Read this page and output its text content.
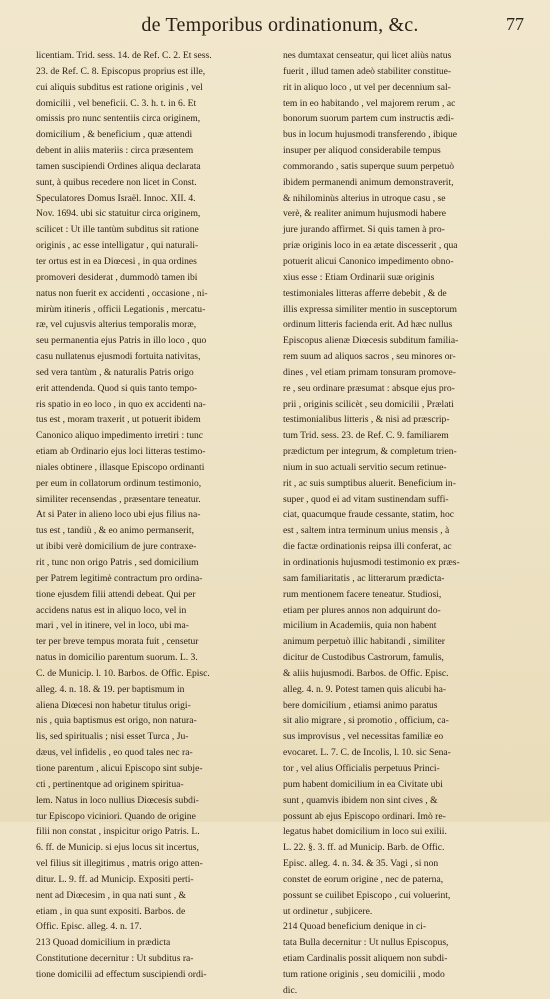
de Temporibus ordinationum, &c.	77
licentiam. Trid. sess. 14. de Ref. C. 2. Et sess.
23. de Ref. C. 8. Episcopus proprius est ille,
cui aliquis subditus est ratione originis , vel
domicilii , vel beneficii. C. 3. h. t. in 6. Et
omissis pro nunc sententiis circa originem,
domicilium , & beneficium , quæ attendi
debent in aliis materiis : circa præsentem
tamen suscipiendi Ordines aliqua declarata
sunt, à quibus recedere non licet in Const.
Speculatores Domus Israël. Innoc. XII. 4.
Nov. 1694. ubi sic statuitur circa originem,
scilicet : Ut ille tantùm subditus sit ratione
originis , ac esse intelligatur , qui naturali-
ter ortus est in ea Diœcesi , in qua ordines
promoveri desiderat , dummodò tamen ibi
natus non fuerit ex accidenti , occasione , ni-
mirùm itineris , officii Legationis , mercatu-
ræ, vel cujusvis alterius temporalis moræ,
seu permanentia ejus Patris in illo loco , quo
casu nullatenus ejusmodi fortuita nativitas,
sed vera tantùm , & naturalis Patris origo
erit attendenda. Quod si quis tanto tempo-
ris spatio in eo loco , in quo ex accidenti na-
tus est , moram traxerit , ut potuerit ibidem
Canonico aliquo impedimento irretiri : tunc
etiam ab Ordinario ejus loci litteras testimo-
niales obtinere , illasque Episcopo ordinanti
per eum in collatorum ordinum testimonio,
similiter recensendas , præsentare teneatur.
At si Pater in alieno loco ubi ejus filius na-
tus est , tandiù , & eo animo permanserit,
ut ibibi verè domicilium de jure contraxe-
rit , tunc non origo Patris , sed domicilium
per Patrem legitimè contractum pro ordina-
tione ejusdem filii attendi debeat. Qui per
accidens natus est in aliquo loco, vel in
mari , vel in itinere, vel in loco, ubi ma-
ter per breve tempus morata fuit , censetur
natus in domicilio parentum suorum. L. 3.
C. de Municip. l. 10. Barbos. de Offic. Episc.
alleg. 4. n. 18. & 19. per baptismum in
aliena Diœcesi non habetur titulus origi-
nis , quia baptismus est origo, non natura-
lis, sed spiritualis ; nisi esset Turca , Ju-
dæus, vel infidelis , eo quod tales nec ra-
tione parentum , alicui Episcopo sint subje-
cti , pertinentque ad originem spiritua-
lem. Natus in loco nullius Diœcesis subdi-
tur Episcopo viciniori. Quando de origine
filii non constat , inspicitur origo Patris. L.
6. ff. de Municip. si ejus locus sit incertus,
vel filius sit illegitimus , matris origo atten-
ditur. L. 9. ff. ad Municip. Expositi perti-
nent ad Diœcesim , in qua nati sunt , &
etiam , in qua sunt expositi. Barbos. de
Offic. Episc. alleg. 4. n. 17.
213 Quoad domicilium in prædicta
Constitutione decernitur : Ut subditus ra-
tione domicilii ad effectum suscipiendi ordi-
nes dumtaxat censeatur, qui licet aliùs natus
fuerit , illud tamen adeò stabiliter constitue-
rit in aliquo loco , ut vel per decennium sal-
tem in eo habitando , vel majorem rerum , ac
bonorum suorum partem cum instructis ædi-
bus in locum hujusmodi transferendo , ibique
insuper per aliquod considerabile tempus
commorando , satis superque suum perpetuò
ibidem permanendi animum demonstraverit,
& nihilominùs alterius in utroque casu , se
verè, & realiter animum hujusmodi habere
jure jurando affirmet. Si quis tamen à pro-
priæ originis loco in ea ætate discesserit , qua
potuerit alicui Canonico impedimento obno-
xius esse : Etiam Ordinarii suæ originis
testimoniales litteras afferre debebit , & de
illis expressa similiter mentio in susceptorum
ordinum litteris facienda erit. Ad hæc nullus
Episcopus alienæ Diœcesis subditum familia-
rem suum ad aliquos sacros , seu minores or-
dines , vel etiam primam tonsuram promove-
re , seu ordinare præsumat : absque ejus pro-
prii , originis scilicèt , seu domicilii , Prælati
testimonialibus litteris , & nisi ad præscrip-
tum Trid. sess. 23. de Ref. C. 9. familiarem
prædictum per integrum, & completum trien-
nium in suo actuali servitio secum retinue-
rit , ac suis sumptibus aluerit. Beneficium in-
super , quod ei ad vitam sustinendam suffi-
ciat, quacumque fraude cessante, statim, hoc
est , saltem intra terminum unius mensis , à
die factæ ordinationis reipsa illi conferat, ac
in ordinationis hujusmodi testimonio ex præs-
sam familiaritatis , ac litterarum prædicta-
rum mentionem facere teneatur. Studiosi,
etiam per plures annos non adquirunt do-
micilium in Academiis, quia non habent
animum perpetuò illic habitandi , similiter
dicitur de Custodibus Castrorum, famulis,
& aliis hujusmodi. Barbos. de Offic. Episc.
alleg. 4. n. 9. Potest tamen quis alicubi ha-
bere domicilium , etiamsi animo paratus
sit alio migrare , si promotio , officium, ca-
sus improvisus , vel necessitas familiæ eo
evocaret. L. 7. C. de Incolis, l. 10. sic Sena-
tor , vel alius Officialis perpetuus Princi-
pum habent domicilium in ea Civitate ubi
sunt , quamvis ibidem non sint cives , &
possunt ab ejus Episcopo ordinari. Imò re-
legatus habet domicilium in loco sui exilii.
L. 22. §. 3. ff. ad Municip. Barb. de Offic.
Episc. alleg. 4. n. 34. & 35. Vagi , si non
constet de eorum origine , nec de paterna,
possunt se cuilibet Episcopo , cui voluerint,
ut ordinetur , subjicere.
214 Quoad beneficium denique in ci-
tata Bulla decernitur : Ut nullus Episcopus,
etiam Cardinalis possit aliquem non subdi-
tum ratione originis , seu domicilii , modo
dic.
